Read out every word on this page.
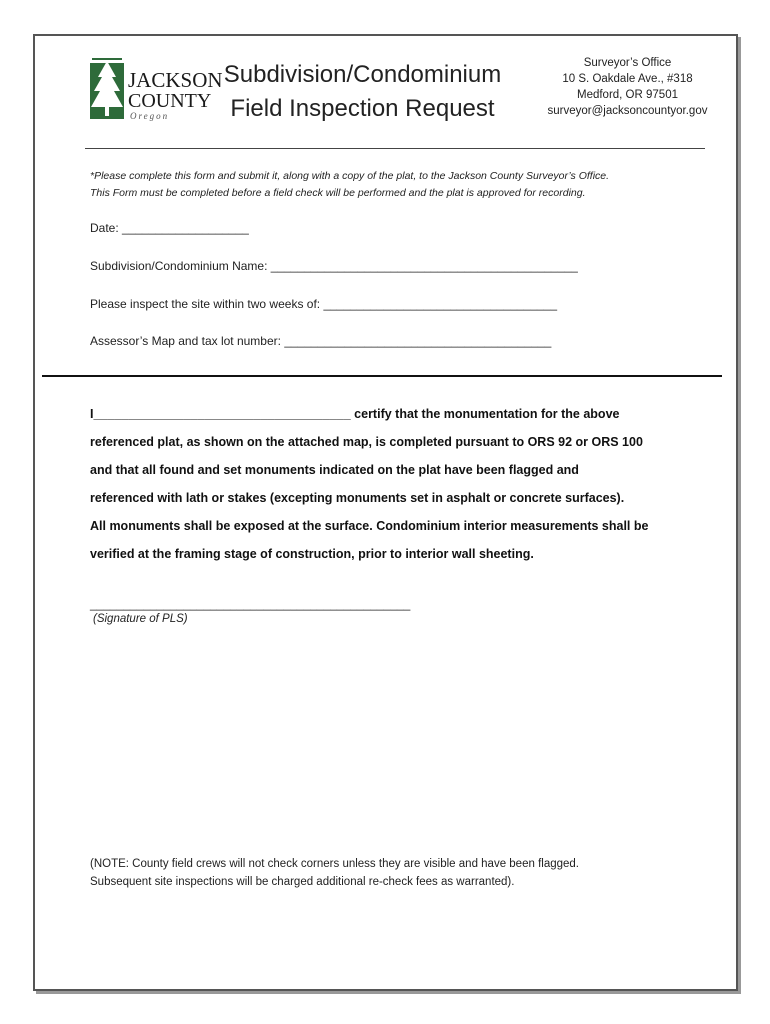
JACKSON
COUNTY
Oregon
Subdivision/Condominium
Field Inspection Request
Surveyor’s Office
10 S. Oakdale Ave., #318
Medford, OR 97501
surveyor@jacksoncountyor.gov
*Please complete this form and submit it, along with a copy of the plat, to the Jackson County Surveyor’s Office.
This Form must be completed before a field check will be performed and the plat is approved for recording.
Date: ___________________
Subdivision/Condominium Name: ______________________________________________
Please inspect the site within two weeks of: ___________________________________
Assessor’s Map and tax lot number: ________________________________________
I_____________________________________ certify that the monumentation for the above
referenced plat, as shown on the attached map, is completed pursuant to ORS 92 or ORS 100
and that all found and set monuments indicated on the plat have been flagged and
referenced with lath or stakes (excepting monuments set in asphalt or concrete surfaces).
All monuments shall be exposed at the surface. Condominium interior measurements shall be
verified at the framing stage of construction, prior to interior wall sheeting.
________________________________________________
(Signature of PLS)
(NOTE: County field crews will not check corners unless they are visible and have been flagged.
Subsequent site inspections will be charged additional re-check fees as warranted).
